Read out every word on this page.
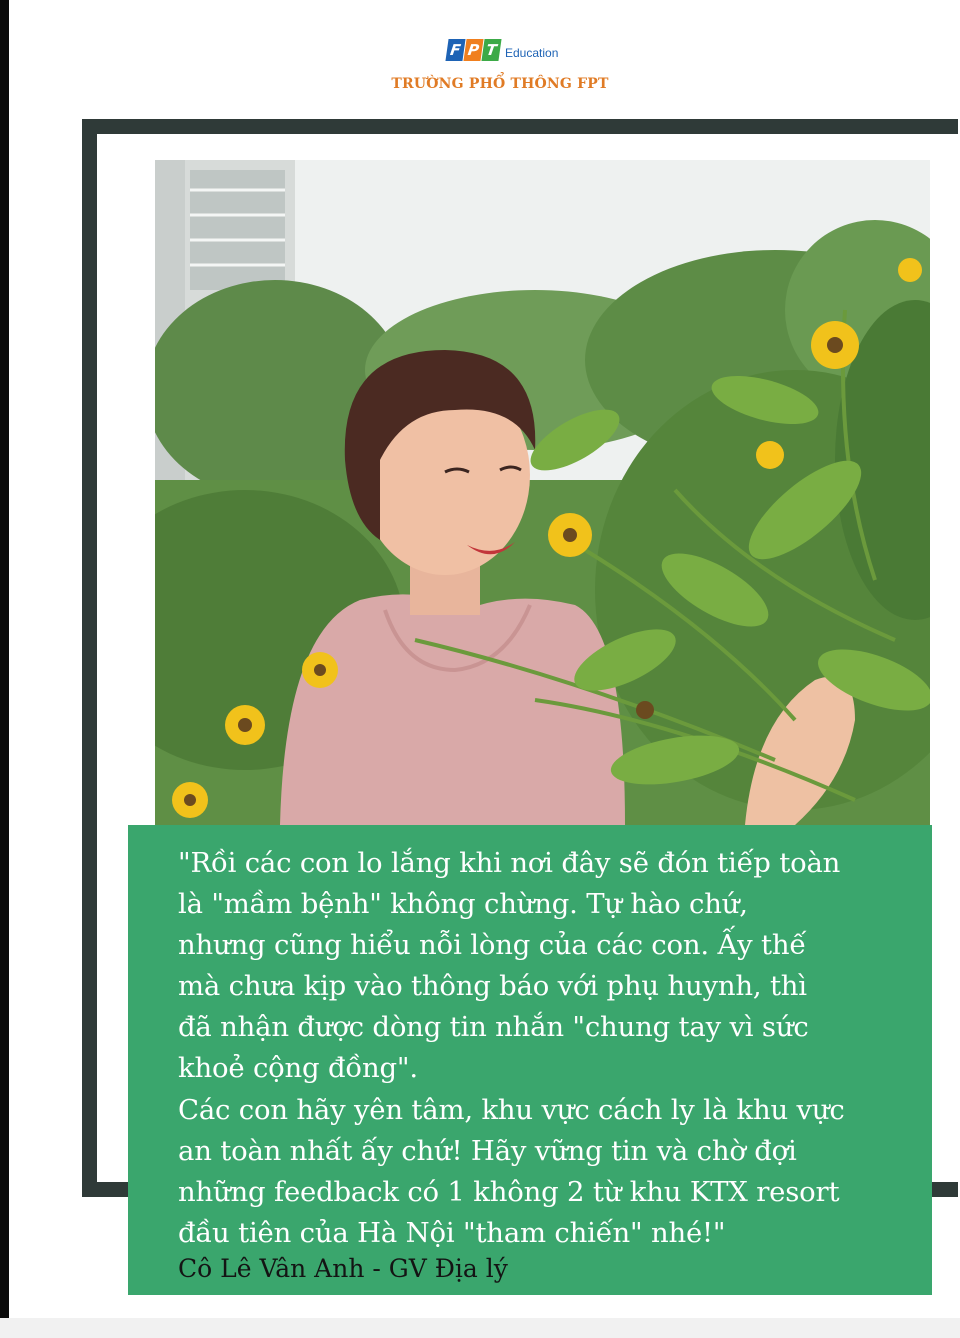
F P T Education
TRƯỜNG PHỔ THÔNG FPT

"Rồi các con lo lắng khi nơi đây sẽ đón tiếp toàn
là "mầm bệnh" không chừng. Tự hào chứ,
nhưng cũng hiểu nỗi lòng của các con. Ấy thế
mà chưa kịp vào thông báo với phụ huynh, thì
đã nhận được dòng tin nhắn "chung tay vì sức
khoẻ cộng đồng".
Các con hãy yên tâm, khu vực cách ly là khu vực
an toàn nhất ấy chứ! Hãy vững tin và chờ đợi
những feedback có 1 không 2 từ khu KTX resort
đầu tiên của Hà Nội "tham chiến" nhé!"

Cô Lê Vân Anh - GV Địa lý
